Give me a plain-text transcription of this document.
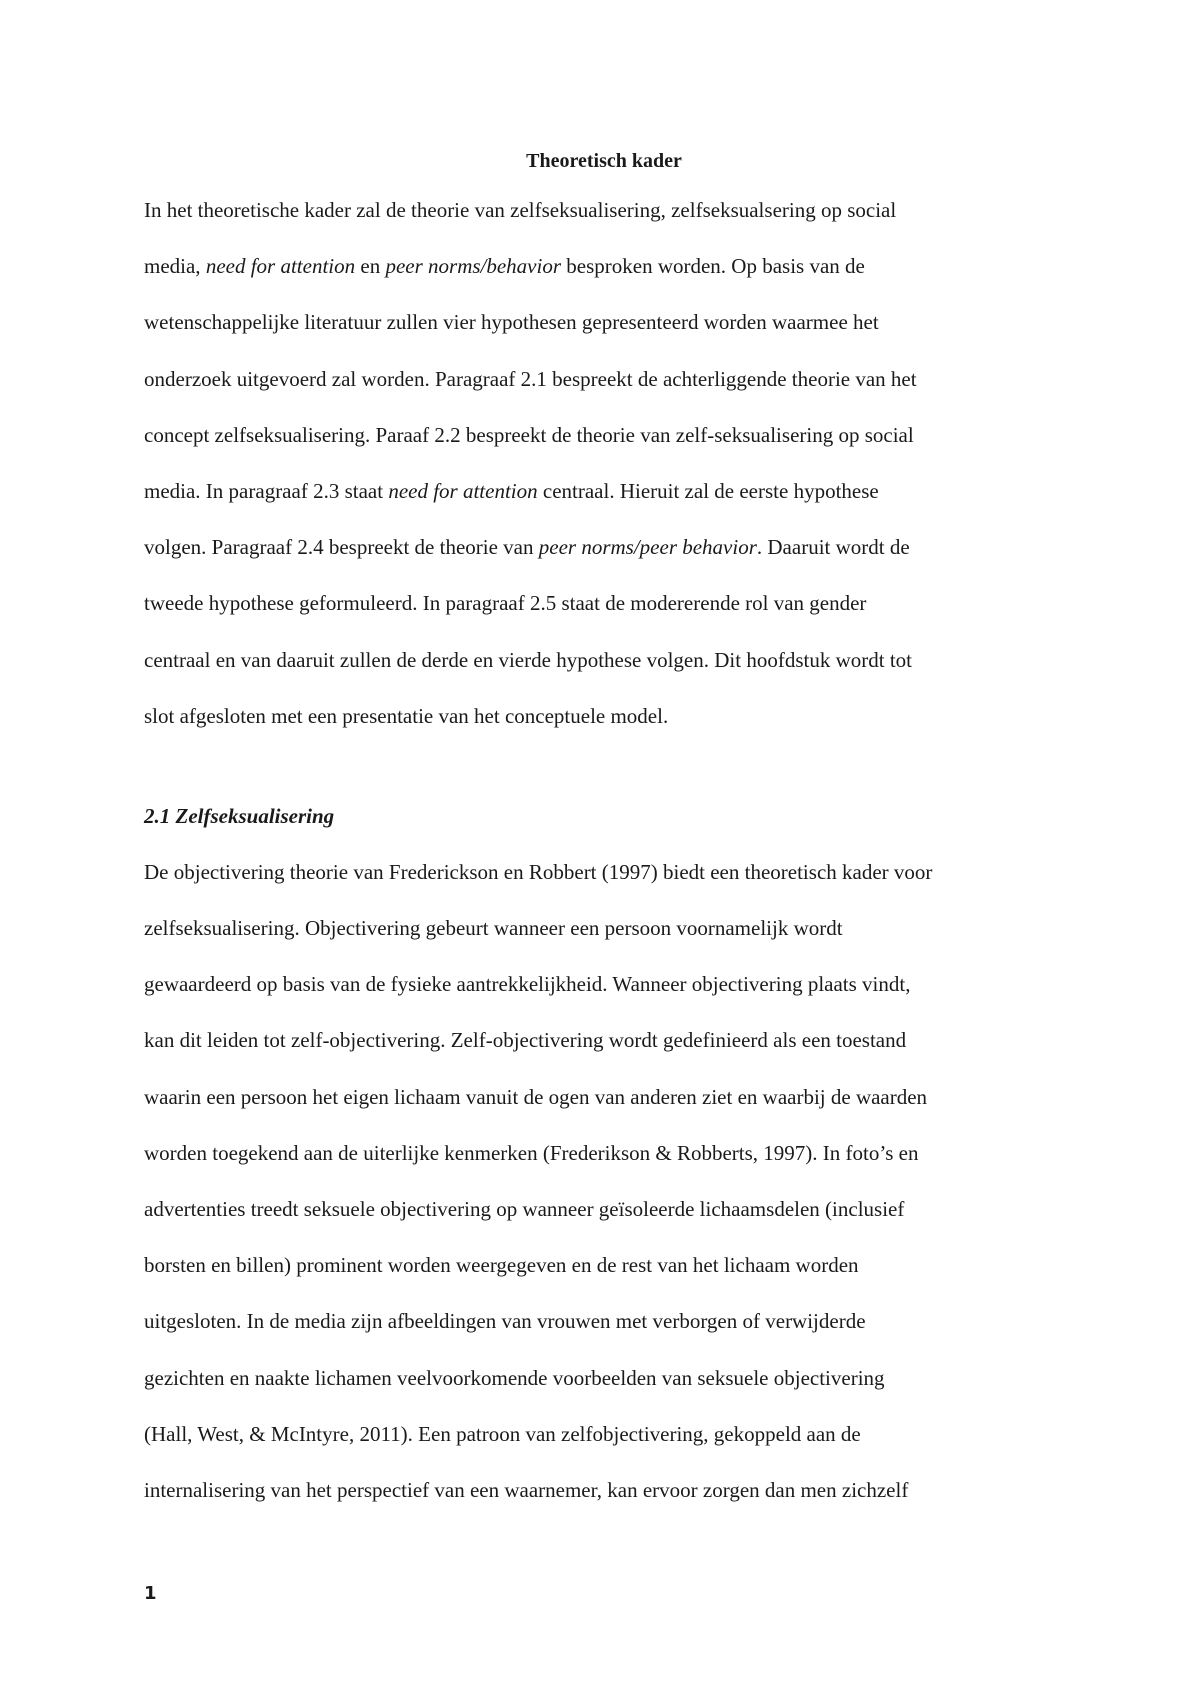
Theoretisch kader
In het theoretische kader zal de theorie van zelfseksualisering, zelfseksualsering op social
media, need for attention en peer norms/behavior besproken worden. Op basis van de
wetenschappelijke literatuur zullen vier hypothesen gepresenteerd worden waarmee het
onderzoek uitgevoerd zal worden. Paragraaf 2.1 bespreekt de achterliggende theorie van het
concept zelfseksualisering. Paraaf 2.2 bespreekt de theorie van zelf-seksualisering op social
media. In paragraaf 2.3 staat need for attention centraal. Hieruit zal de eerste hypothese
volgen. Paragraaf 2.4 bespreekt de theorie van peer norms/peer behavior. Daaruit wordt de
tweede hypothese geformuleerd. In paragraaf 2.5 staat de modererende rol van gender
centraal en van daaruit zullen de derde en vierde hypothese volgen. Dit hoofdstuk wordt tot
slot afgesloten met een presentatie van het conceptuele model.
2.1 Zelfseksualisering
De objectivering theorie van Frederickson en Robbert (1997) biedt een theoretisch kader voor
zelfseksualisering. Objectivering gebeurt wanneer een persoon voornamelijk wordt
gewaardeerd op basis van de fysieke aantrekkelijkheid. Wanneer objectivering plaats vindt,
kan dit leiden tot zelf-objectivering. Zelf-objectivering wordt gedefinieerd als een toestand
waarin een persoon het eigen lichaam vanuit de ogen van anderen ziet en waarbij de waarden
worden toegekend aan de uiterlijke kenmerken (Frederikson & Robberts, 1997). In foto’s en
advertenties treedt seksuele objectivering op wanneer geïsoleerde lichaamsdelen (inclusief
borsten en billen) prominent worden weergegeven en de rest van het lichaam worden
uitgesloten. In de media zijn afbeeldingen van vrouwen met verborgen of verwijderde
gezichten en naakte lichamen veelvoorkomende voorbeelden van seksuele objectivering
(Hall, West, & McIntyre, 2011). Een patroon van zelfobjectivering, gekoppeld aan de
internalisering van het perspectief van een waarnemer, kan ervoor zorgen dan men zichzelf
1
